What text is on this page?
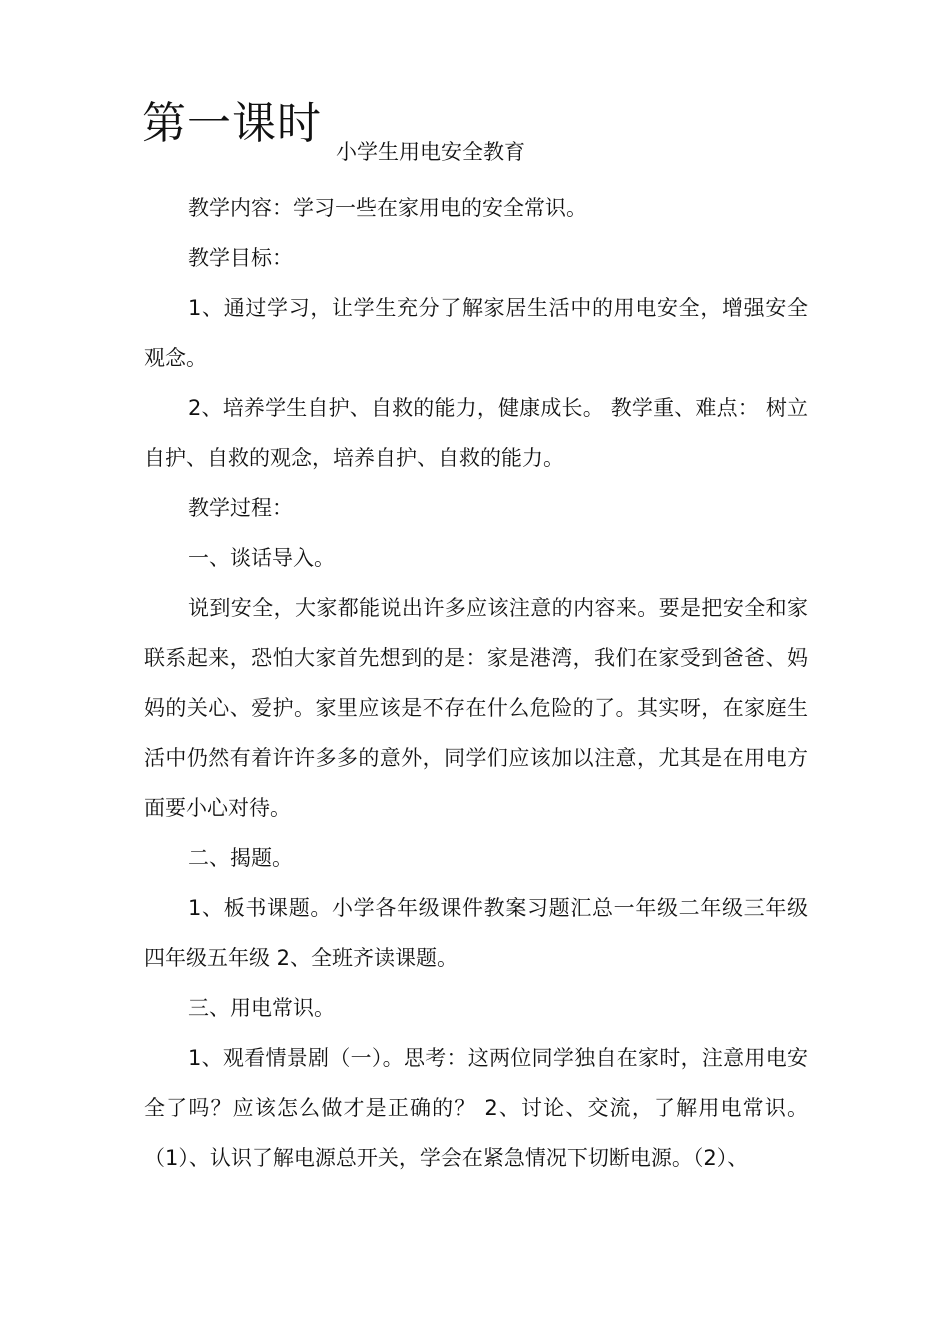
第一课时
小学生用电安全教育

教学内容：学习一些在家用电的安全常识。

教学目标：

1、通过学习，让学生充分了解家居生活中的用电安全，增强安全观念。

2、培养学生自护、自救的能力，健康成长。 教学重、难点： 树立自护、自救的观念，培养自护、自救的能力。

教学过程：

一、谈话导入。

说到安全，大家都能说出许多应该注意的内容来。要是把安全和家联系起来，恐怕大家首先想到的是：家是港湾，我们在家受到爸爸、妈妈的关心、爱护。家里应该是不存在什么危险的了。其实呀，在家庭生活中仍然有着许许多多的意外，同学们应该加以注意，尤其是在用电方面要小心对待。

二、揭题。

1、板书课题。小学各年级课件教案习题汇总一年级二年级三年级四年级五年级 2、全班齐读课题。

三、用电常识。

1、观看情景剧（一）。思考：这两位同学独自在家时，注意用电安全了吗？应该怎么做才是正确的？ 2、讨论、交流，了解用电常识。（1）、认识了解电源总开关，学会在紧急情况下切断电源。（2）、
